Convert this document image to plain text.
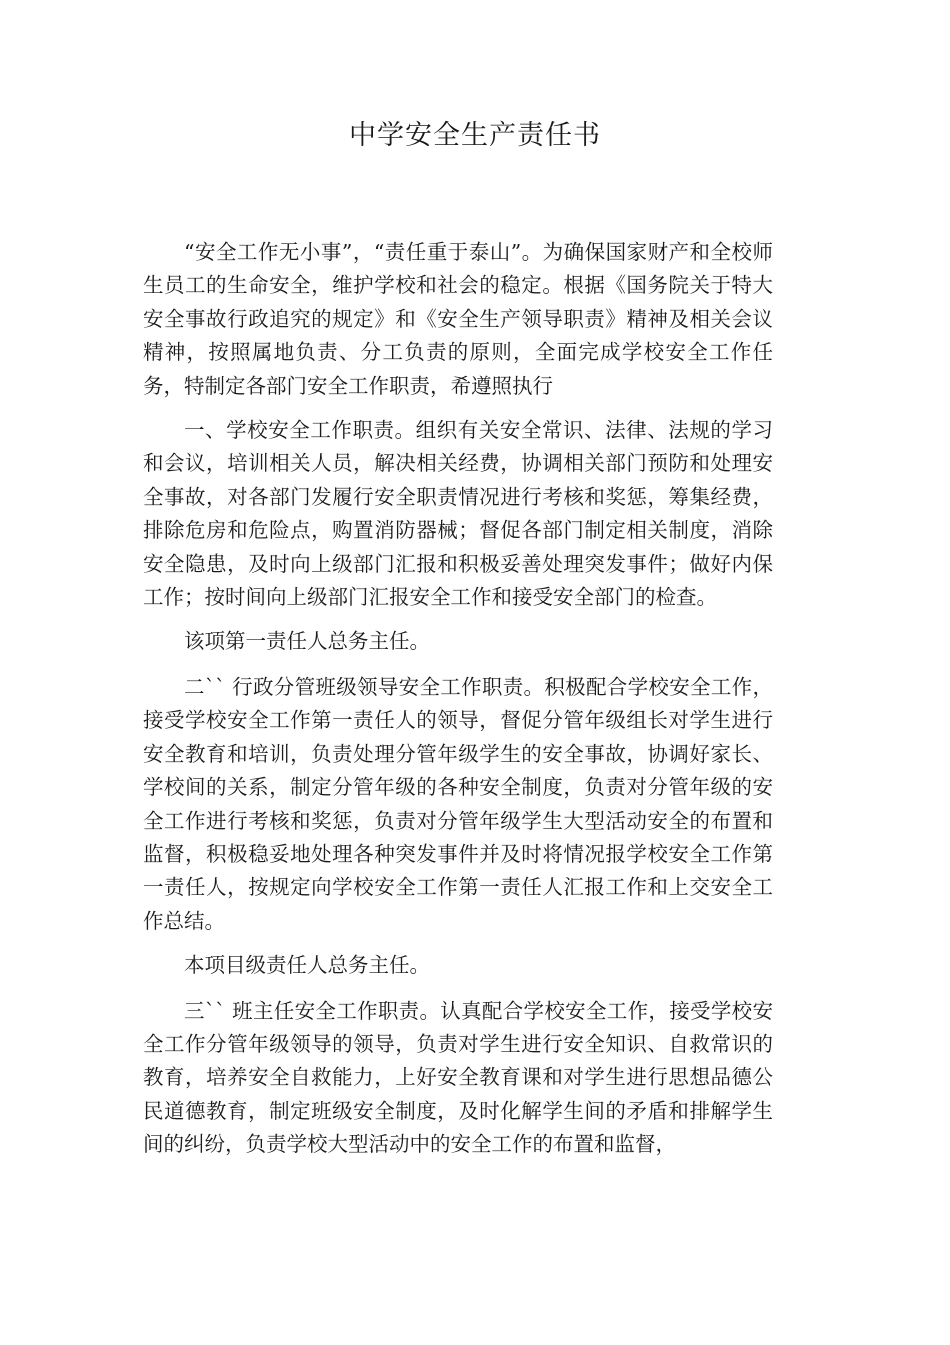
中学安全生产责任书

“安全工作无小事”，“责任重于泰山”。为确保国家财产和全校师生员工的生命安全，维护学校和社会的稳定。根据《国务院关于特大安全事故行政追究的规定》和《安全生产领导职责》精神及相关会议精神，按照属地负责、分工负责的原则，全面完成学校安全工作任务，特制定各部门安全工作职责，希遵照执行

一、学校安全工作职责。组织有关安全常识、法律、法规的学习和会议，培训相关人员，解决相关经费，协调相关部门预防和处理安全事故，对各部门发履行安全职责情况进行考核和奖惩，筹集经费，排除危房和危险点，购置消防器械；督促各部门制定相关制度，消除安全隐患，及时向上级部门汇报和积极妥善处理突发事件；做好内保工作；按时间向上级部门汇报安全工作和接受安全部门的检查。

该项第一责任人总务主任。

二`` 行政分管班级领导安全工作职责。积极配合学校安全工作，接受学校安全工作第一责任人的领导，督促分管年级组长对学生进行安全教育和培训，负责处理分管年级学生的安全事故，协调好家长、学校间的关系，制定分管年级的各种安全制度，负责对分管年级的安全工作进行考核和奖惩，负责对分管年级学生大型活动安全的布置和监督，积极稳妥地处理各种突发事件并及时将情况报学校安全工作第一责任人，按规定向学校安全工作第一责任人汇报工作和上交安全工作总结。

本项目级责任人总务主任。

三`` 班主任安全工作职责。认真配合学校安全工作，接受学校安全工作分管年级领导的领导，负责对学生进行安全知识、自救常识的教育，培养安全自救能力，上好安全教育课和对学生进行思想品德公民道德教育，制定班级安全制度，及时化解学生间的矛盾和排解学生间的纠纷，负责学校大型活动中的安全工作的布置和监督，
